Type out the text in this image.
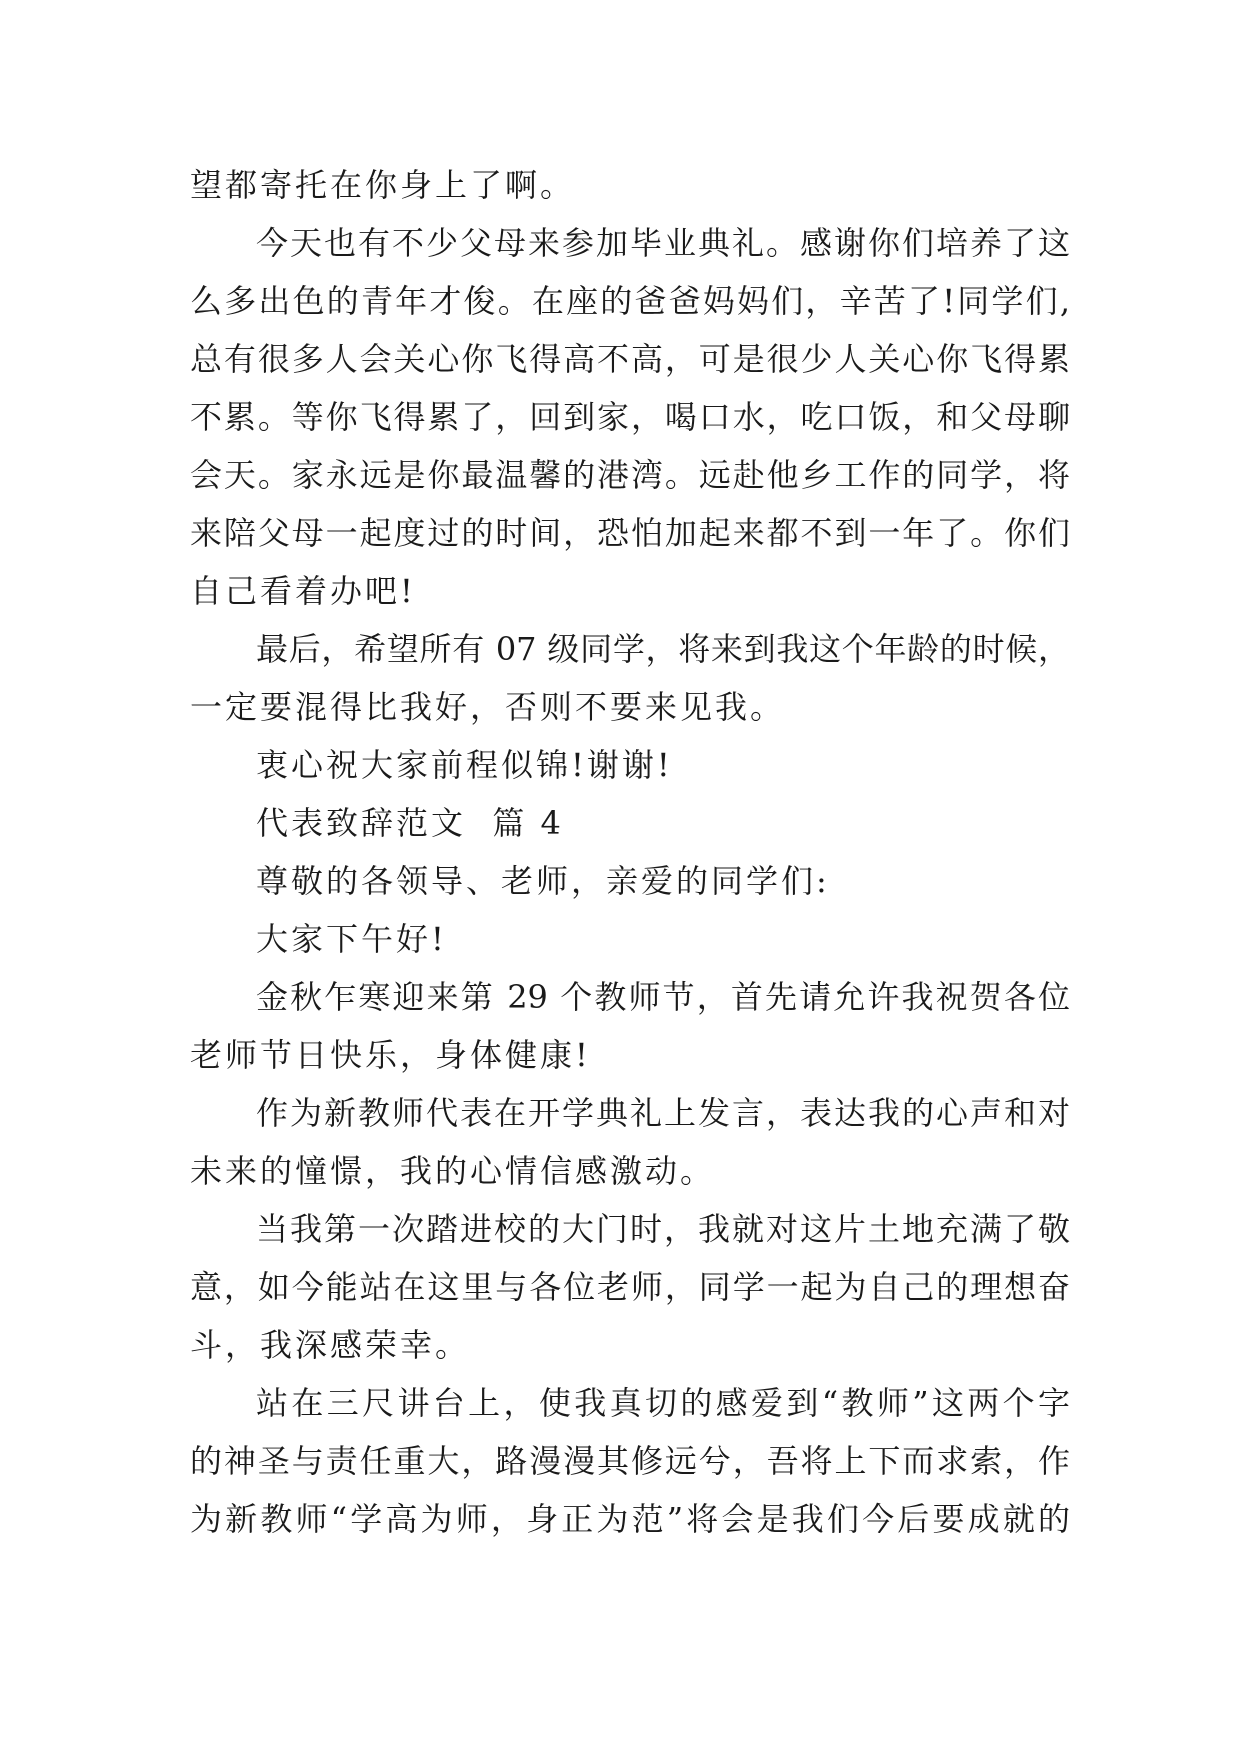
望都寄托在你身上了啊。
今天也有不少父母来参加毕业典礼。感谢你们培养了这
么多出色的青年才俊。在座的爸爸妈妈们，辛苦了!同学们,
总有很多人会关心你飞得高不高，可是很少人关心你飞得累
不累。等你飞得累了，回到家，喝口水，吃口饭，和父母聊
会天。家永远是你最温馨的港湾。远赴他乡工作的同学，将
来陪父母一起度过的时间，恐怕加起来都不到一年了。你们
自己看着办吧!
最后，希望所有 07 级同学，将来到我这个年龄的时候，
一定要混得比我好，否则不要来见我。
衷心祝大家前程似锦!谢谢!
代表致辞范文  篇 4
尊敬的各领导、老师，亲爱的同学们:
大家下午好!
金秋乍寒迎来第 29 个教师节，首先请允许我祝贺各位
老师节日快乐，身体健康!
作为新教师代表在开学典礼上发言，表达我的心声和对
未来的憧憬，我的心情信感激动。
当我第一次踏进校的大门时，我就对这片土地充满了敬
意，如今能站在这里与各位老师，同学一起为自己的理想奋
斗，我深感荣幸。
站在三尺讲台上，使我真切的感爱到“教师”这两个字
的神圣与责任重大，路漫漫其修远兮，吾将上下而求索，作
为新教师“学高为师，身正为范”将会是我们今后要成就的
